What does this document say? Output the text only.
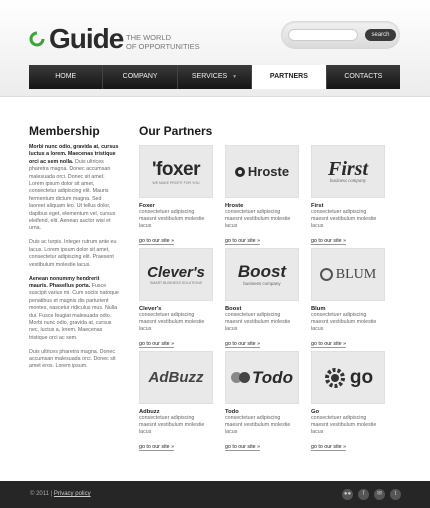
Guide THE WORLD
OF OPPORTUNITIES
search
HOME	COMPANY	SERVICES ▼	PARTNERS	CONTACTS
Membership

Morbi nunc odio, gravida at, cursus luctus a lorem. Maecenas tristique orci ac sem nolla. Duis ultrices pharetra magna. Donec accumsan malesuada orci. Donec sit amet. Lorem ipsum dolor sit amet, consectetur adipiscing elit. Mauris fermentum dictum magna. Sed laoreet aliquam leo. Ut tellus dolor, dapibus eget, elementum vel, cursus eleifend, elit. Aenean auctor wisi et urna.

Duis ac turpis. Integer rutrum ante eu lacus. Lorem ipsum dolor sit amet, consectetur adipiscing elit. Praesent vestibulum molestie lacus.

Aenean nonummy hendrerit mauris. Phasellus porta. Fusce suscipit varius mi. Cum sociis natoque penatibus et magnis dis parturient montes, nascetur ridiculus mus. Nulla dui. Fusce feugiat malesuada odio. Morbi nunc odio, gravida at, cursus nec, luctus a, lorem. Maecenas tristique orci ac sem.

Duis ultrices pharetra magna. Donec accumsan malesuada orci. Donec sit amet eros. Lorem ipsum.

Our Partners
'foxer
WE MAKE PROFIT FOR YOU
Foxer
consectetuer adipiscing maesnt vestibulum molestie lacus
go to our site »
Hroste
Hroste
consectetuer adipiscing maesnt vestibulum molestie lacus
go to our site »
First
business company
First
consectetuer adipiscing maesnt vestibulum molestie lacus
go to our site »
Clever's
SMART BUSINESS SOLUTIONS
Clever's
consectetuer adipiscing maesnt vestibulum molestie lacus
go to our site »
Boost
business company
Boost
consectetuer adipiscing maesnt vestibulum molestie lacus
go to our site »
BLUM
Blum
consectetuer adipiscing maesnt vestibulum molestie lacus
go to our site »
AdBuzz
Adbuzz
consectetuer adipiscing maesnt vestibulum molestie lacus
go to our site »
Todo
Todo
consectetuer adipiscing maesnt vestibulum molestie lacus
go to our site »
go
Go
consectetuer adipiscing maesnt vestibulum molestie lacus
go to our site »
© 2011 | Privacy policy	●●	f	✉	t
